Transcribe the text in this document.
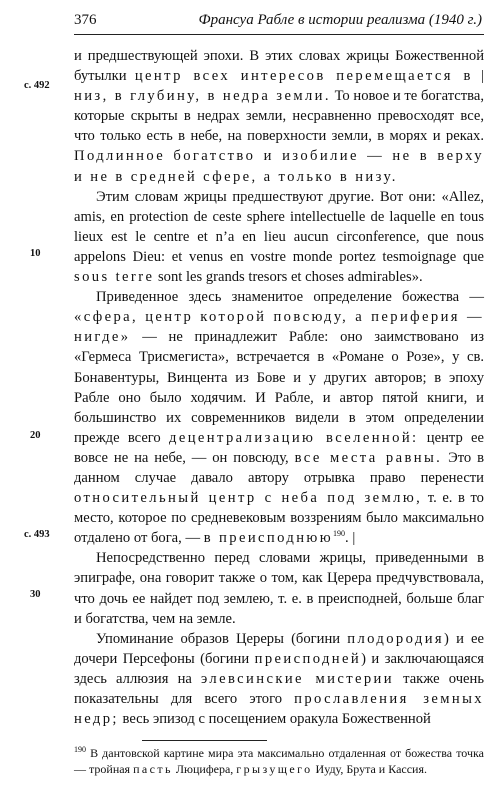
376	Франсуа Рабле в истории реализма (1940 г.)
с. 492
10
20
с. 493
30

и предшествующей эпохи. В этих словах жрицы Божественной бутылки центр всех интересов перемещается в | низ, в глубину, в недра земли. То новое и те богатства, которые скрыты в недрах земли, несравненно превосходят все, что только есть в небе, на поверхности земли, в морях и реках. Подлинное богатство и изобилие — не в верху и не в средней сфере, а только в низу.

Этим словам жрицы предшествуют другие. Вот они: «Allez, amis, en protection de ceste sphere intellectuelle de laquelle en tous lieux est le centre et n’a en lieu aucun circonference, que nous appelons Dieu: et venus en vostre monde portez tesmoignage que sous terre sont les grands tresors et choses admirables».

Приведенное здесь знаменитое определение божества — «сфера, центр которой повсюду, а периферия — нигде» — не принадлежит Рабле: оно заимствовано из «Гермеса Трисмегиста», встречается в «Романе о Розе», у св. Бонавентуры, Винцента из Бове и у других авторов; в эпоху Рабле оно было ходячим. И Рабле, и автор пятой книги, и большинство их современников видели в этом определении прежде всего децентрализацию вселенной: центр ее вовсе не на небе, — он повсюду, все места равны. Это в данном случае давало автору отрывка право перенести относительный центр с неба под землю, т. е. в то место, которое по средневековым воззрениям было максимально отдалено от бога, — в преисподнюю$^{190}$. |

Непосредственно перед словами жрицы, приведенными в эпиграфе, она говорит также о том, как Церера предчувствовала, что дочь ее найдет под землею, т. е. в преисподней, больше благ и богатства, чем на земле.

Упоминание образов Цереры (богини плодородия) и ее дочери Персефоны (богини преисподней) и заключающаяся здесь аллюзия на элевсинские мистерии также очень показательны для всего этого прославления земных недр; весь эпизод с посещением оракула Божественной

$^{190}$ В дантовской картине мира эта максимально отдаленная от божества точка — тройная пасть Люцифера, грызущего Иуду, Брута и Кассия.
